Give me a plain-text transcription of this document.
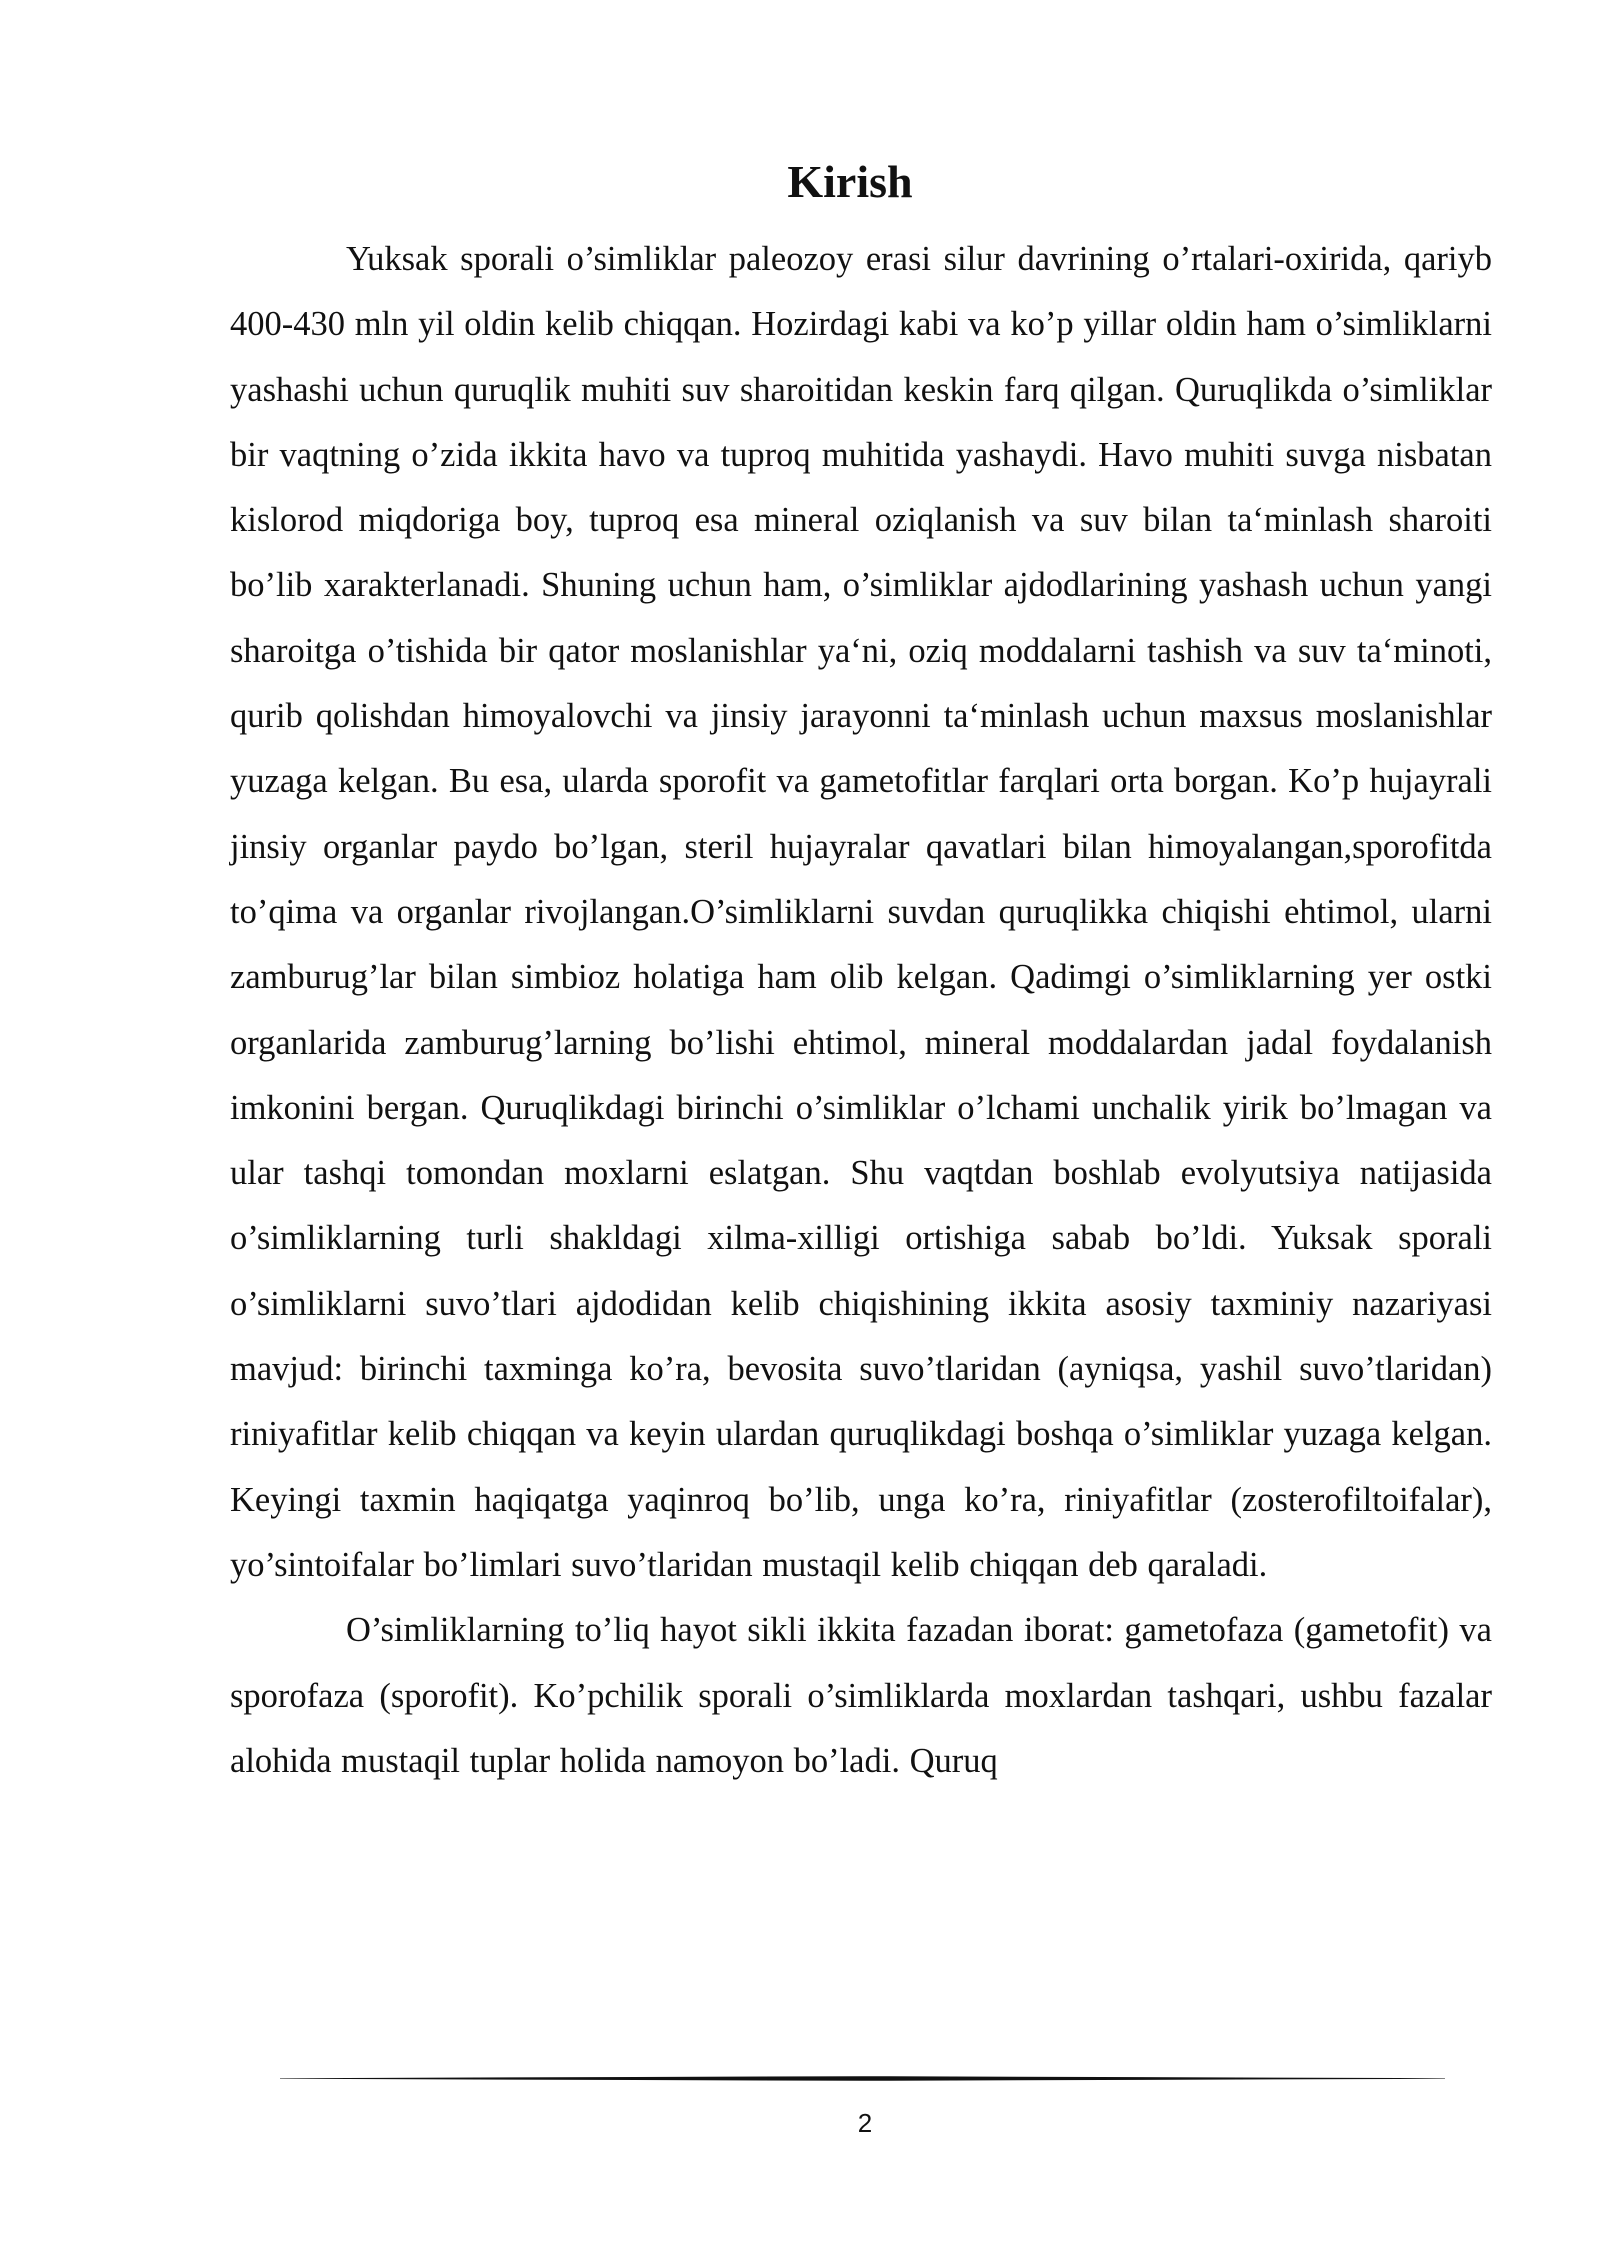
Kirish

Yuksak sporali o’simliklar paleozoy erasi silur davrining o’rtalari-oxirida, qariyb 400-430 mln yil oldin kelib chiqqan. Hozirdagi kabi va ko’p yillar oldin ham o’simliklarni yashashi uchun quruqlik muhiti suv sharoitidan keskin farq qilgan. Quruqlikda o’simliklar bir vaqtning o’zida ikkita havo va tuproq muhitida yashaydi. Havo muhiti suvga nisbatan kislorod miqdoriga boy, tuproq esa mineral oziqlanish va suv bilan ta‘minlash sharoiti bo’lib xarakterlanadi. Shuning uchun ham, o’simliklar ajdodlarining yashash uchun yangi sharoitga o’tishida bir qator moslanishlar ya‘ni, oziq moddalarni tashish va suv ta‘minoti, qurib qolishdan himoyalovchi va jinsiy jarayonni ta‘minlash uchun maxsus moslanishlar yuzaga kelgan. Bu esa, ularda sporofit va gametofitlar farqlari orta borgan. Ko’p hujayrali jinsiy organlar paydo bo’lgan, steril hujayralar qavatlari bilan himoyalangan,sporofitda to’qima va organlar rivojlangan.O’simliklarni suvdan quruqlikka chiqishi ehtimol, ularni zamburug’lar bilan simbioz holatiga ham olib kelgan. Qadimgi o’simliklarning yer ostki organlarida zamburug’larning bo’lishi ehtimol, mineral moddalardan jadal foydalanish imkonini bergan. Quruqlikdagi birinchi o’simliklar o’lchami unchalik yirik bo’lmagan va ular tashqi tomondan moxlarni eslatgan. Shu vaqtdan boshlab evolyutsiya natijasida o’simliklarning turli shakldagi xilma-xilligi ortishiga sabab bo’ldi. Yuksak sporali o’simliklarni suvo’tlari ajdodidan kelib chiqishining ikkita asosiy taxminiy nazariyasi mavjud: birinchi taxminga ko’ra, bevosita suvo’tlaridan (ayniqsa, yashil suvo’tlaridan) riniyafitlar kelib chiqqan va keyin ulardan quruqlikdagi boshqa o’simliklar yuzaga kelgan. Keyingi taxmin haqiqatga yaqinroq bo’lib, unga ko’ra, riniyafitlar (zosterofiltoifalar), yo’sintoifalar bo’limlari suvo’tlaridan mustaqil kelib chiqqan deb qaraladi.

O’simliklarning to’liq hayot sikli ikkita fazadan iborat: gametofaza (gametofit) va sporofaza (sporofit). Ko’pchilik sporali o’simliklarda moxlardan tashqari, ushbu fazalar alohida mustaqil tuplar holida namoyon bo’ladi. Quruq

2
